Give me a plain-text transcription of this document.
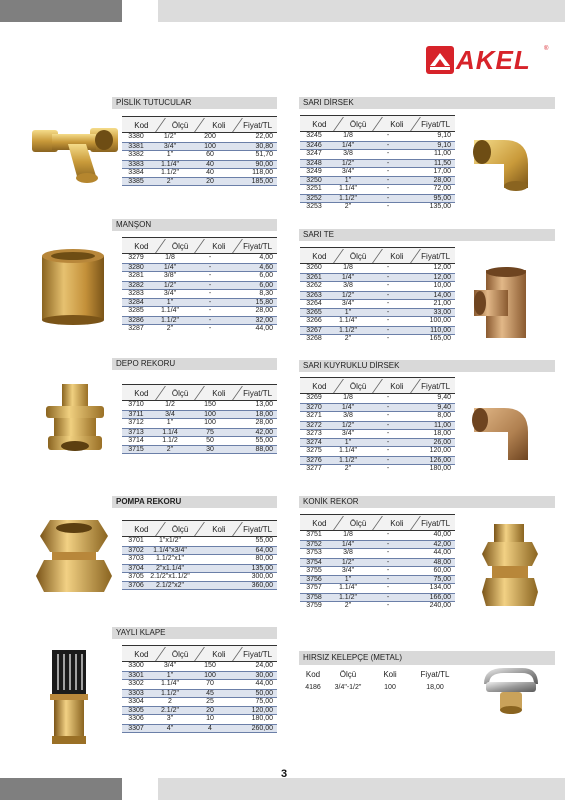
3
AKEL ®
PİSLİK TUTUCULAR
Kod	Ölçü	Koli	Fiyat/TL
3380	1/2"	200	22,00
3381	3/4"	100	30,80
3382	1"	60	51,70
3383	1.1/4"	40	90,00
3384	1.1/2"	40	118,00
3385	2"	20	185,00
MANŞON
Kod	Ölçü	Koli	Fiyat/TL
3279	1/8	-	4,00
3280	1/4"	-	4,60
3281	3/8"	-	6,00
3282	1/2"	-	6,00
3283	3/4"	-	8,30
3284	1"	-	15,80
3285	1.1/4"	-	28,00
3286	1.1/2"	-	32,00
3287	2"	-	44,00
DEPO REKORU
Kod	Ölçü	Koli	Fiyat/TL
3710	1/2	150	13,00
3711	3/4	100	18,00
3712	1"	100	28,00
3713	1.1/4	75	42,00
3714	1.1/2	50	55,00
3715	2"	30	88,00
POMPA REKORU
Kod	Ölçü	Koli	Fiyat/TL
3701	1"x1/2"	55,00
3702	1.1/4"x3/4"	64,00
3703	1.1/2"x1"	80,00
3704	2"x1.1/4"	135,00
3705 2.1/2"x1.1/2"	300,00
3706	2.1/2"x2"	360,00
YAYLI KLAPE
Kod	Ölçü	Koli	Fiyat/TL
3300	3/4"	150	24,00
3301	1"	100	30,00
3302	1.1/4"	70	44,00
3303	1.1/2"	45	50,00
3304	2	25	75,00
3305	2.1/2"	20	120,00
3306	3"	10	180,00
3307	4"	4	260,00
SARI DİRSEK
Kod	Ölçü	Koli	Fiyat/TL
3245	1/8	-	9,10
3246	1/4"	-	9,10
3247	3/8	-	11,00
3248	1/2"	-	11,50
3249	3/4"	-	17,00
3250	1"	-	28,00
3251	1.1/4"	-	72,00
3252	1.1/2"	-	95,00
3253	2"	-	135,00
SARI TE
Kod	Ölçü	Koli	Fiyat/TL
3260	1/8	-	12,00
3261	1/4"	-	12,00
3262	3/8	-	10,00
3263	1/2"	-	14,00
3264	3/4"	-	21,00
3265	1"	-	33,00
3266	1.1/4"	-	100,00
3267	1.1/2"	-	110,00
3268	2"	-	165,00
SARI KUYRUKLU DİRSEK
Kod	Ölçü	Koli	Fiyat/TL
3269	1/8	-	9,40
3270	1/4"	-	9,40
3271	3/8	-	8,00
3272	1/2"	-	11,00
3273	3/4"	-	18,00
3274	1"	-	26,00
3275	1.1/4"	-	120,00
3276	1.1/2"	-	126,00
3277	2"	-	180,00
KONİK REKOR
Kod	Ölçü	Koli	Fiyat/TL
3751	1/8	-	40,00
3752	1/4"	-	42,00
3753	3/8	-	44,00
3754	1/2"	-	48,00
3755	3/4"	-	60,00
3756	1"	-	75,00
3757	1.1/4"	-	134,00
3758	1.1/2"	-	166,00
3759	2"	-	240,00
HIRSIZ KELEPÇE (METAL)
Kod	Ölçü	Koli	Fiyat/TL
4186	3/4"-1/2"	100	18,00
